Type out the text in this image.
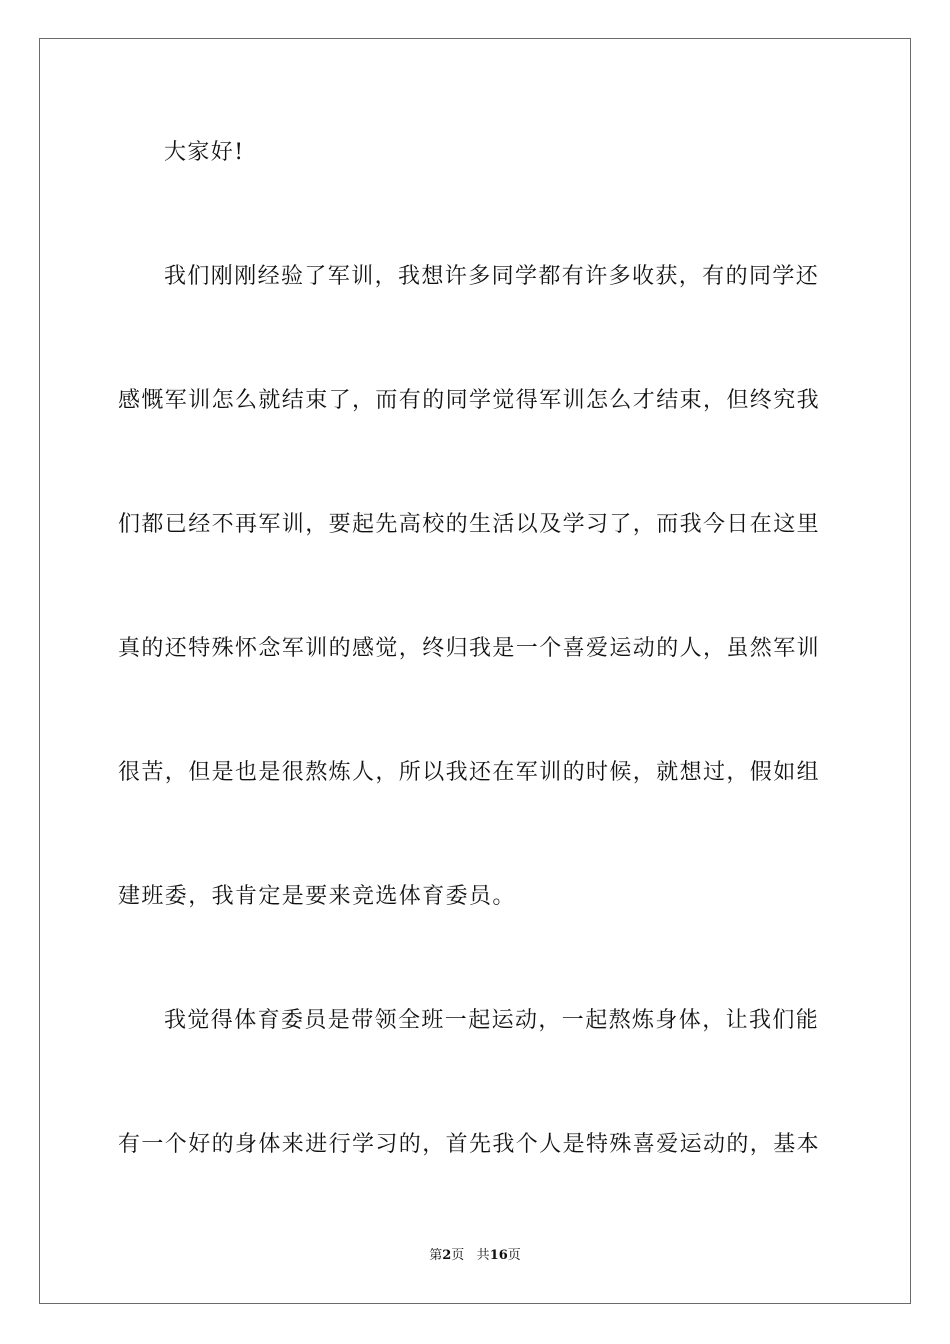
大家好!
我们刚刚经验了军训，我想许多同学都有许多收获，有的同学还
感慨军训怎么就结束了，而有的同学觉得军训怎么才结束，但终究我
们都已经不再军训，要起先高校的生活以及学习了，而我今日在这里
真的还特殊怀念军训的感觉，终归我是一个喜爱运动的人，虽然军训
很苦，但是也是很熬炼人，所以我还在军训的时候，就想过，假如组
建班委，我肯定是要来竞选体育委员。
我觉得体育委员是带领全班一起运动，一起熬炼身体，让我们能
有一个好的身体来进行学习的，首先我个人是特殊喜爱运动的，基本
第2页 共16页
